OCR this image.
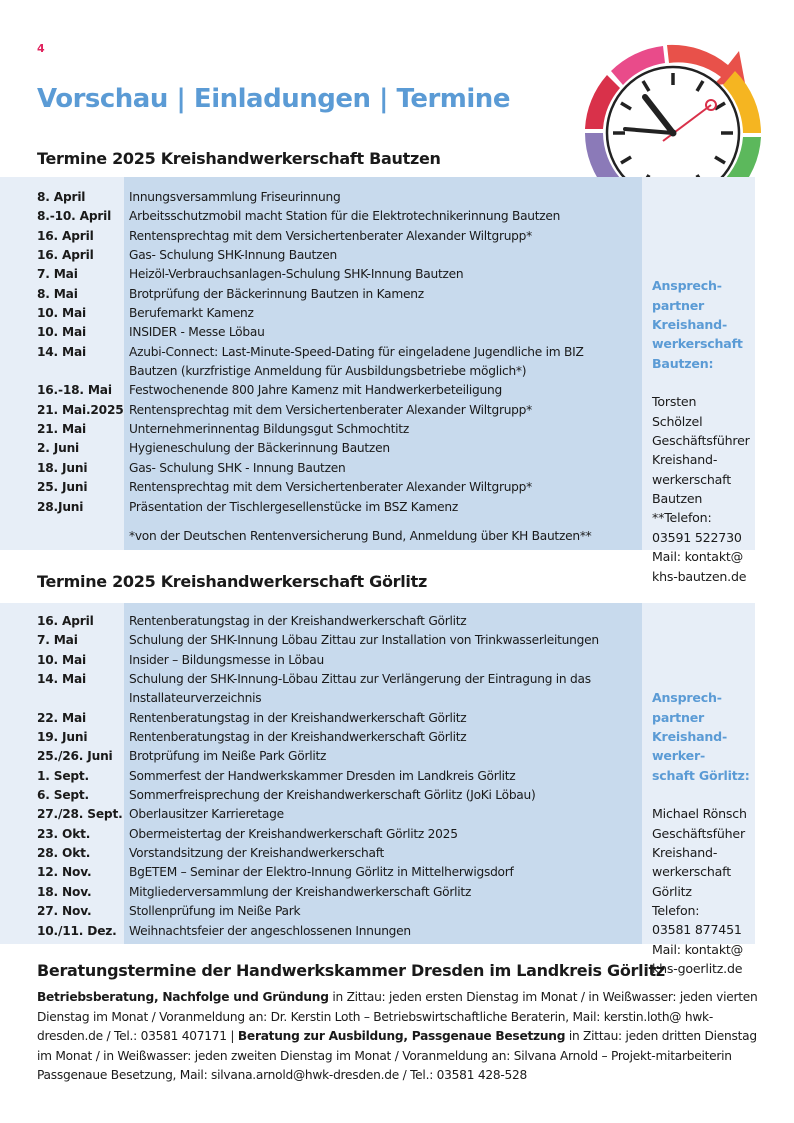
4
Vorschau | Einladungen | Termine
Termine 2025 Kreishandwerkerschaft Bautzen
8. April	Innungsversammlung Friseurinnung
8.-10. April	Arbeitsschutzmobil macht Station für die Elektrotechnikerinnung Bautzen
16. April	Rentensprechtag mit dem Versichertenberater Alexander Wiltgrupp*
16. April	Gas- Schulung SHK-Innung Bautzen
7. Mai	Heizöl-Verbrauchsanlagen-Schulung SHK-Innung Bautzen
8. Mai	Brotprüfung der Bäckerinnung Bautzen in Kamenz
10. Mai	Berufemarkt Kamenz
10. Mai	INSIDER - Messe Löbau
14. Mai	Azubi-Connect: Last-Minute-Speed-Dating für eingeladene Jugendliche im BIZ
Bautzen (kurzfristige Anmeldung für Ausbildungsbetriebe möglich*)
16.-18. Mai	Festwochenende 800 Jahre Kamenz mit Handwerkerbeteiligung
21. Mai.2025 Rentensprechtag mit dem Versichertenberater Alexander Wiltgrupp*
21. Mai	Unternehmerinnentag Bildungsgut Schmochtitz
2. Juni	Hygieneschulung der Bäckerinnung Bautzen
18. Juni	Gas- Schulung SHK - Innung Bautzen
25. Juni	Rentensprechtag mit dem Versichertenberater Alexander Wiltgrupp*
28.Juni	Präsentation der Tischlergesellenstücke im BSZ Kamenz
*von der Deutschen Rentenversicherung Bund, Anmeldung über KH Bautzen**

Ansprech-
partner
Kreishand-
werkerschaft
Bautzen:

Torsten
Schölzel
Geschäftsführer
Kreishand-
werkerschaft
Bautzen
**Telefon:
03591 522730
Mail: kontakt@
khs-bautzen.de

Termine 2025 Kreishandwerkerschaft Görlitz
16. April	Rentenberatungstag in der Kreishandwerkerschaft Görlitz
7. Mai	Schulung der SHK-Innung Löbau Zittau zur Installation von Trinkwasserleitungen
10. Mai	Insider – Bildungsmesse in Löbau
14. Mai	Schulung der SHK-Innung-Löbau Zittau zur Verlängerung der Eintragung in das
Installateurverzeichnis
22. Mai	Rentenberatungstag in der Kreishandwerkerschaft Görlitz
19. Juni	Rentenberatungstag in der Kreishandwerkerschaft Görlitz
25./26. Juni	Brotprüfung im Neiße Park Görlitz
1. Sept.	Sommerfest der Handwerkskammer Dresden im Landkreis Görlitz
6. Sept.	Sommerfreisprechung der Kreishandwerkerschaft Görlitz (JoKi Löbau)
27./28. Sept. Oberlausitzer Karrieretage
23. Okt.	Obermeistertag der Kreishandwerkerschaft Görlitz 2025
28. Okt.	Vorstandsitzung der Kreishandwerkerschaft
12. Nov.	BgETEM – Seminar der Elektro-Innung Görlitz in Mittelherwigsdorf
18. Nov.	Mitgliederversammlung der Kreishandwerkerschaft Görlitz
27. Nov.	Stollenprüfung im Neiße Park
10./11. Dez.	Weihnachtsfeier der angeschlossenen Innungen

Ansprech-
partner
Kreishand-
werker-
schaft Görlitz:

Michael Rönsch
Geschäftsfüher
Kreishand-
werkerschaft
Görlitz
Telefon:
03581 877451
Mail: kontakt@
khs-goerlitz.de

Beratungstermine der Handwerkskammer Dresden im Landkreis Görlitz
Betriebsberatung, Nachfolge und Gründung in Zittau: jeden ersten Dienstag im Monat / in Weißwasser: jeden vierten Dienstag im Monat / Voranmeldung an: Dr. Kerstin Loth – Betriebswirtschaftliche Beraterin, Mail: kerstin.loth@ hwk-dresden.de / Tel.: 03581 407171 | Beratung zur Ausbildung, Passgenaue Besetzung in Zittau: jeden dritten Dienstag im Monat / in Weißwasser: jeden zweiten Dienstag im Monat / Voranmeldung an: Silvana Arnold – Projekt-mitarbeiterin Passgenaue Besetzung, Mail: silvana.arnold@hwk-dresden.de / Tel.: 03581 428-528
